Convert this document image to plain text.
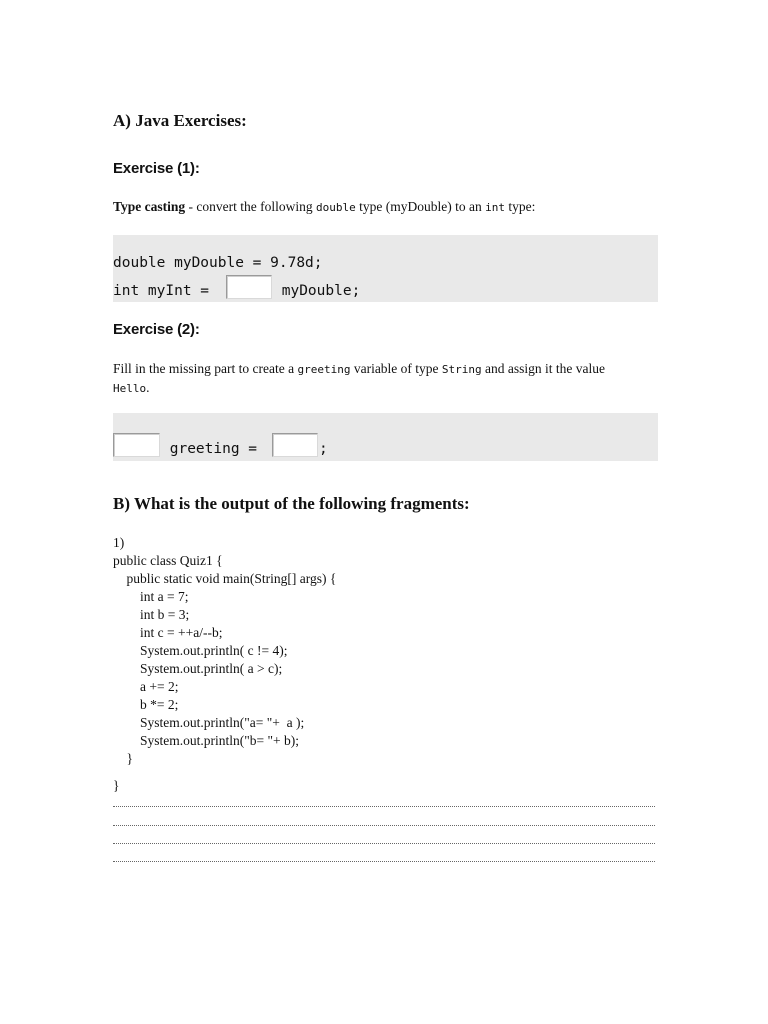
A) Java Exercises:
Exercise (1):
Type casting - convert the following double type (myDouble) to an int type:
double myDouble = 9.78d;
int myInt =	myDouble;
Exercise (2):
Fill in the missing part to create a greeting variable of type String and assign it the value Hello.
greeting =	;
B) What is the output of the following fragments:
1)
public class Quiz1 {
public static void main(String[] args) {
int a = 7;
int b = 3;
int c = ++a/--b;
System.out.println( c != 4);
System.out.println( a > c);
a += 2;
b *= 2;
System.out.println("a= "+  a );
System.out.println("b= "+ b);
}
}
